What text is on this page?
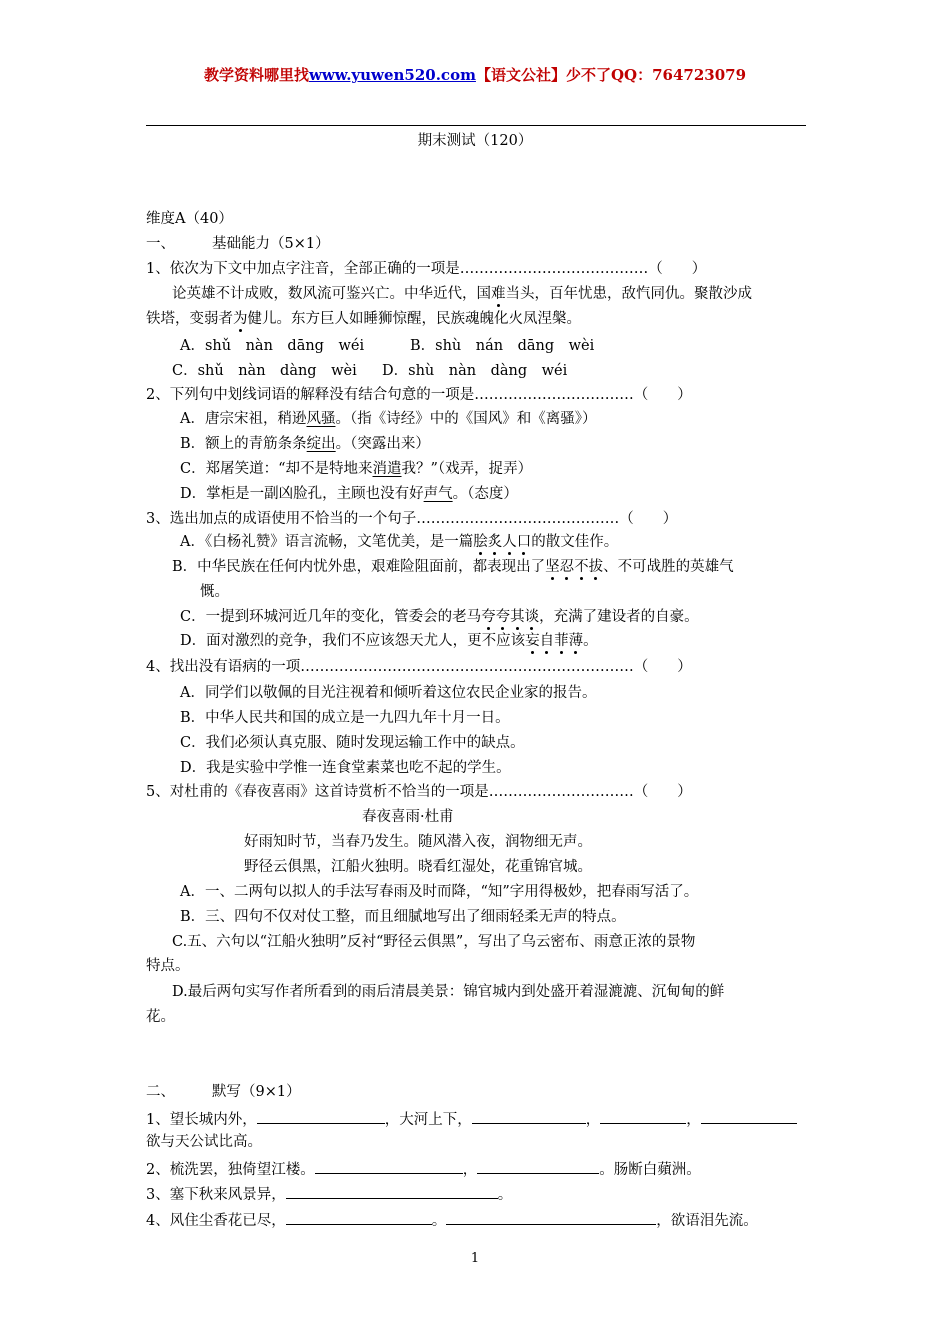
教学资料哪里找www.yuwen520.com【语文公社】少不了QQ：764723079
期末测试（120）
维度A（40）
一、	基础能力（5×1）
1、依次为下文中加点字注音，全部正确的一项是…………………………………（　　）
论英雄不计成败，数风流可鉴兴亡。中华近代，国难当头，百年忧患，敌忾同仇。聚散沙成
铁塔，变弱者为健儿。东方巨人如睡狮惊醒，民族魂魄化火凤涅槃。
A．shǔ　nàn　dāng　wéi	B．shù　nán　dāng　wèi
C．shǔ　nàn　dàng　wèi D．shù　nàn　dàng　wéi
2、下列句中划线词语的解释没有结合句意的一项是……………………………（　　）
A．唐宗宋祖，稍逊风骚。（指《诗经》中的《国风》和《离骚》）
B．额上的青筋条条绽出。（突露出来）
C．郑屠笑道：“却不是特地来消遣我？”（戏弄，捉弄）
D．掌柜是一副凶脸孔，主顾也没有好声气。（态度）
3、选出加点的成语使用不恰当的一个句子……………………………………（　　）
A．《白杨礼赞》语言流畅，文笔优美，是一篇脍炙人口的散文佳作。
B．中华民族在任何内忧外患，艰难险阻面前，都表现出了坚忍不拔、不可战胜的英雄气
慨。
C．一提到环城河近几年的变化，管委会的老马夸夸其谈，充满了建设者的自豪。
D．面对激烈的竞争，我们不应该怨天尤人，更不应该妄自菲薄。
4、找出没有语病的一项……………………………………………………………（　　）
A．同学们以敬佩的目光注视着和倾听着这位农民企业家的报告。
B．中华人民共和国的成立是一九四九年十月一日。
C．我们必须认真克服、随时发现运输工作中的缺点。
D．我是实验中学惟一连食堂素菜也吃不起的学生。
5、对杜甫的《春夜喜雨》这首诗赏析不恰当的一项是…………………………（　　）
春夜喜雨·杜甫
好雨知时节，当春乃发生。随风潜入夜，润物细无声。
野径云俱黑，江船火独明。晓看红湿处，花重锦官城。
A．一、二两句以拟人的手法写春雨及时而降，“知”字用得极妙，把春雨写活了。
B．三、四句不仅对仗工整，而且细腻地写出了细雨轻柔无声的特点。
C.五、六句以“江船火独明”反衬“野径云俱黑”，写出了乌云密布、雨意正浓的景物
特点。
D.最后两句实写作者所看到的雨后清晨美景：锦官城内到处盛开着湿漉漉、沉甸甸的鲜
花。
二、	默写（9×1）
1、望长城内外，	，大河上下，	，	，
欲与天公试比高。
2、梳洗罢，独倚望江楼。	，	。肠断白蘋洲。
3、塞下秋来风景异，	。
4、风住尘香花已尽，	。	，欲语泪先流。
1
